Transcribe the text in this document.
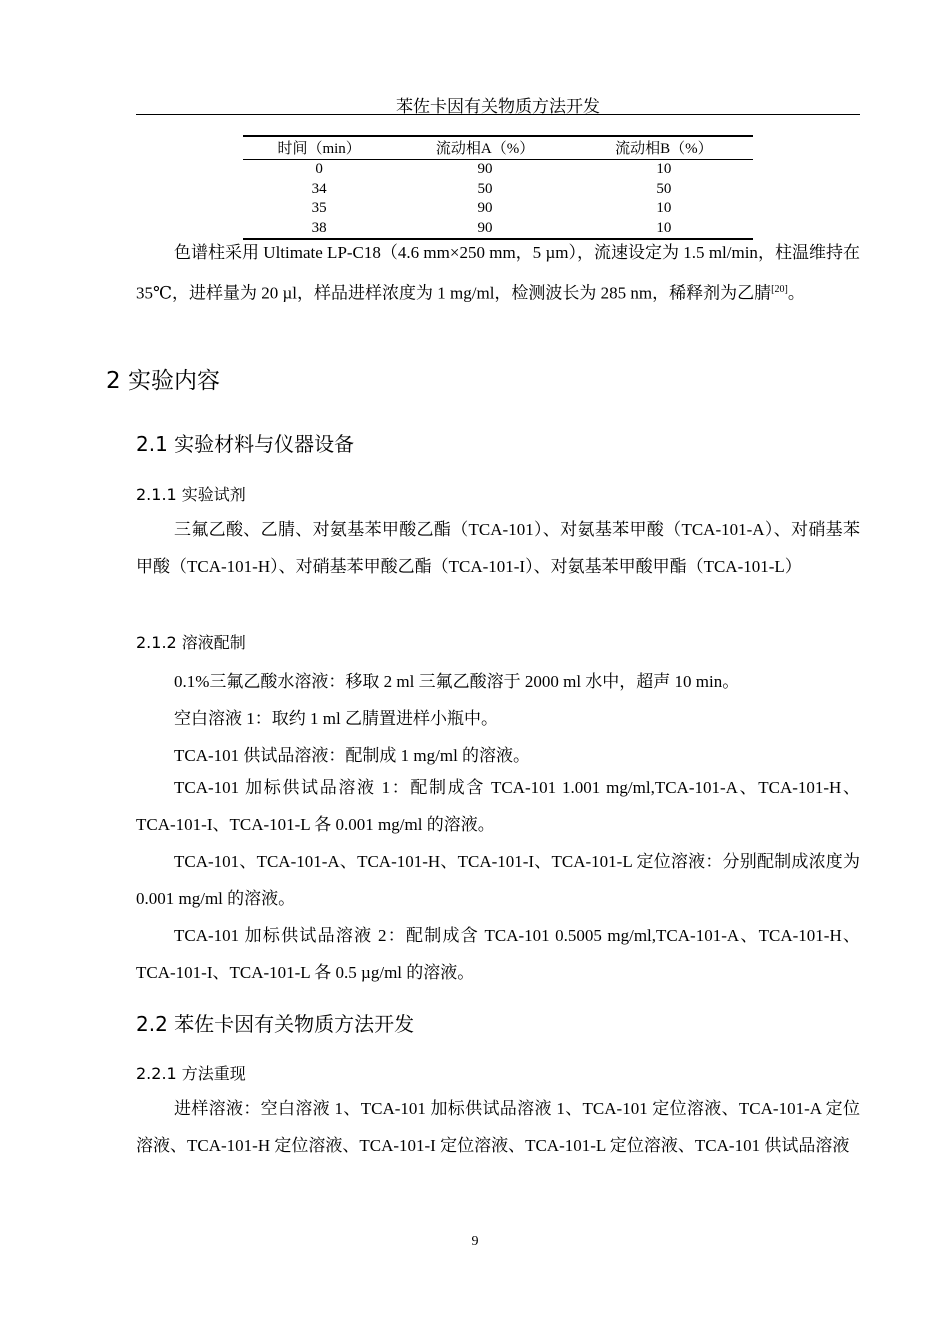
苯佐卡因有关物质方法开发
时间（min）	流动相A（%）	流动相B（%）
0	90	10
34	50	50
35	90	10
38	90	10
色谱柱采用 Ultimate LP-C18（4.6 mm×250 mm，5 µm），流速设定为 1.5 ml/min，柱温维持在 35℃，进样量为 20 µl，样品进样浓度为 1 mg/ml，检测波长为 285 nm，稀释剂为乙腈[20]。
2 实验内容
2.1 实验材料与仪器设备
2.1.1 实验试剂
三氟乙酸、乙腈、对氨基苯甲酸乙酯（TCA-101）、对氨基苯甲酸（TCA-101-A）、对硝基苯甲酸（TCA-101-H）、对硝基苯甲酸乙酯（TCA-101-I）、对氨基苯甲酸甲酯（TCA-101-L）
2.1.2 溶液配制
0.1%三氟乙酸水溶液：移取 2 ml 三氟乙酸溶于 2000 ml 水中，超声 10 min。
空白溶液 1：取约 1 ml 乙腈置进样小瓶中。
TCA-101 供试品溶液：配制成 1 mg/ml 的溶液。
TCA-101 加标供试品溶液 1：配制成含 TCA-101 1.001 mg/ml,TCA-101-A、TCA-101-H、TCA-101-I、TCA-101-L 各 0.001 mg/ml 的溶液。
TCA-101、TCA-101-A、TCA-101-H、TCA-101-I、TCA-101-L 定位溶液：分别配制成浓度为 0.001 mg/ml 的溶液。
TCA-101 加标供试品溶液 2：配制成含 TCA-101 0.5005 mg/ml,TCA-101-A、TCA-101-H、TCA-101-I、TCA-101-L 各 0.5 µg/ml 的溶液。
2.2 苯佐卡因有关物质方法开发
2.2.1 方法重现
进样溶液：空白溶液 1、TCA-101 加标供试品溶液 1、TCA-101 定位溶液、TCA-101-A 定位溶液、TCA-101-H 定位溶液、TCA-101-I 定位溶液、TCA-101-L 定位溶液、TCA-101 供试品溶液
9
